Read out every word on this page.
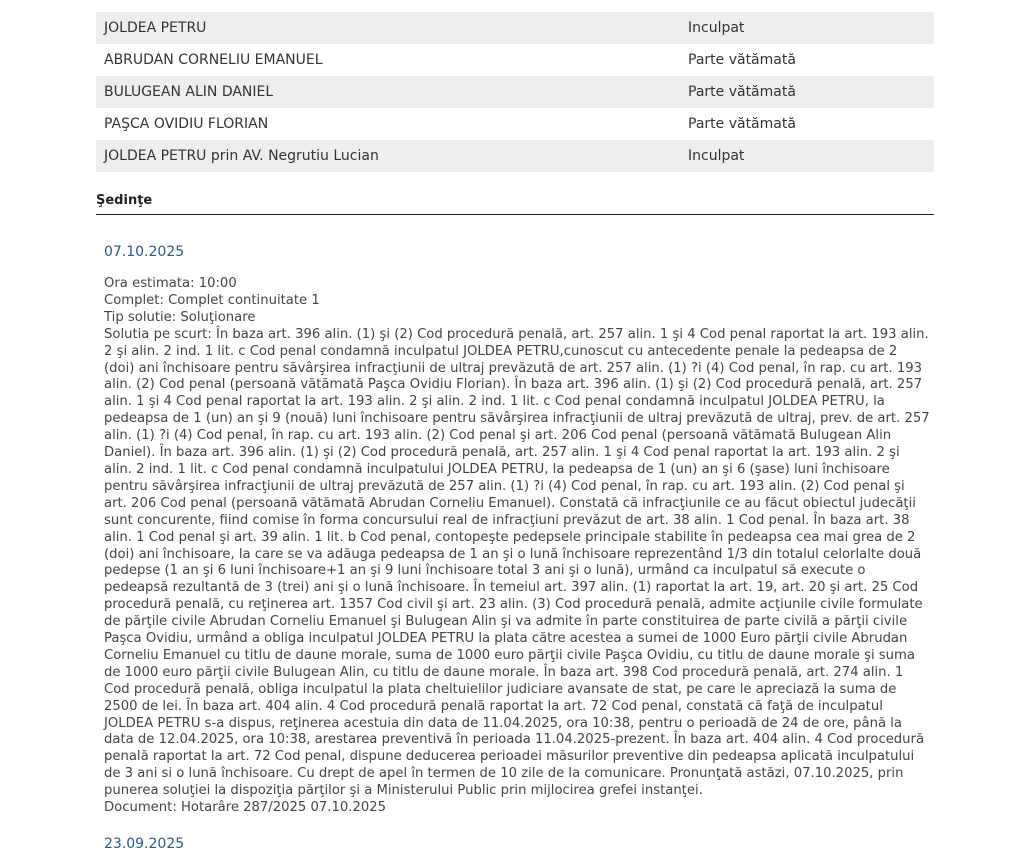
JOLDEA PETRU	Inculpat
ABRUDAN CORNELIU EMANUEL	Parte vătămată
BULUGEAN ALIN DANIEL	Parte vătămată
PAŞCA OVIDIU FLORIAN	Parte vătămată
JOLDEA PETRU prin AV. Negrutiu Lucian	Inculpat
Şedinţe
07.10.2025
Ora estimata: 10:00
Complet: Complet continuitate 1
Tip solutie: Soluţionare
Solutia pe scurt: În baza art. 396 alin. (1) şi (2) Cod procedură penală, art. 257 alin. 1 şi 4 Cod penal raportat la art. 193 alin. 2 şi alin. 2 ind. 1 lit. c Cod penal condamnă inculpatul JOLDEA PETRU,cunoscut cu antecedente penale la pedeapsa de 2 (doi) ani închisoare pentru săvârşirea infracţiunii de ultraj prevăzută de art. 257 alin. (1) ?i (4) Cod penal, în rap. cu art. 193 alin. (2) Cod penal (persoană vătămată Paşca Ovidiu Florian). În baza art. 396 alin. (1) şi (2) Cod procedură penală, art. 257 alin. 1 şi 4 Cod penal raportat la art. 193 alin. 2 şi alin. 2 ind. 1 lit. c Cod penal condamnă inculpatul JOLDEA PETRU, la pedeapsa de 1 (un) an şi 9 (nouă) luni închisoare pentru săvârşirea infracţiunii de ultraj prevăzută de ultraj, prev. de art. 257 alin. (1) ?i (4) Cod penal, în rap. cu art. 193 alin. (2) Cod penal şi art. 206 Cod penal (persoană vătămată Bulugean Alin Daniel). În baza art. 396 alin. (1) şi (2) Cod procedură penală, art. 257 alin. 1 şi 4 Cod penal raportat la art. 193 alin. 2 şi alin. 2 ind. 1 lit. c Cod penal condamnă inculpatului JOLDEA PETRU, la pedeapsa de 1 (un) an şi 6 (şase) luni închisoare pentru săvârşirea infracţiunii de ultraj prevăzută de 257 alin. (1) ?i (4) Cod penal, în rap. cu art. 193 alin. (2) Cod penal şi art. 206 Cod penal (persoană vătămată Abrudan Corneliu Emanuel). Constată că infracţiunile ce au făcut obiectul judecăţii sunt concurente, fiind comise în forma concursului real de infracţiuni prevăzut de art. 38 alin. 1 Cod penal. În baza art. 38 alin. 1 Cod penal şi art. 39 alin. 1 lit. b Cod penal, contopeşte pedepsele principale stabilite în pedeapsa cea mai grea de 2 (doi) ani închisoare, la care se va adăuga pedeapsa de 1 an şi o lună închisoare reprezentând 1/3 din totalul celorlalte două pedepse (1 an şi 6 luni închisoare+1 an şi 9 luni închisoare total 3 ani şi o lună), urmând ca inculpatul să execute o pedeapsă rezultantă de 3 (trei) ani şi o lună închisoare. În temeiul art. 397 alin. (1) raportat la art. 19, art. 20 şi art. 25 Cod procedură penală, cu reţinerea art. 1357 Cod civil şi art. 23 alin. (3) Cod procedură penală, admite acţiunile civile formulate de părţile civile Abrudan Corneliu Emanuel şi Bulugean Alin şi va admite în parte constituirea de parte civilă a părţii civile Paşca Ovidiu, urmând a obliga inculpatul JOLDEA PETRU la plata către acestea a sumei de 1000 Euro părţii civile Abrudan Corneliu Emanuel cu titlu de daune morale, suma de 1000 euro părţii civile Paşca Ovidiu, cu titlu de daune morale şi suma de 1000 euro părţii civile Bulugean Alin, cu titlu de daune morale. În baza art. 398 Cod procedură penală, art. 274 alin. 1 Cod procedură penală, obliga inculpatul la plata cheltuielilor judiciare avansate de stat, pe care le apreciază la suma de 2500 de lei. În baza art. 404 alin. 4 Cod procedură penală raportat la art. 72 Cod penal, constată că faţă de inculpatul JOLDEA PETRU s-a dispus, reţinerea acestuia din data de 11.04.2025, ora 10:38, pentru o perioadă de 24 de ore, până la data de 12.04.2025, ora 10:38, arestarea preventivă în perioada 11.04.2025-prezent. În baza art. 404 alin. 4 Cod procedură penală raportat la art. 72 Cod penal, dispune deducerea perioadei măsurilor preventive din pedeapsa aplicată inculpatului de 3 ani si o lună închisoare. Cu drept de apel în termen de 10 zile de la comunicare. Pronunţată astăzi, 07.10.2025, prin punerea soluţiei la dispoziţia părţilor şi a Ministerului Public prin mijlocirea grefei instanţei.
Document: Hotarâre 287/2025 07.10.2025
23.09.2025
